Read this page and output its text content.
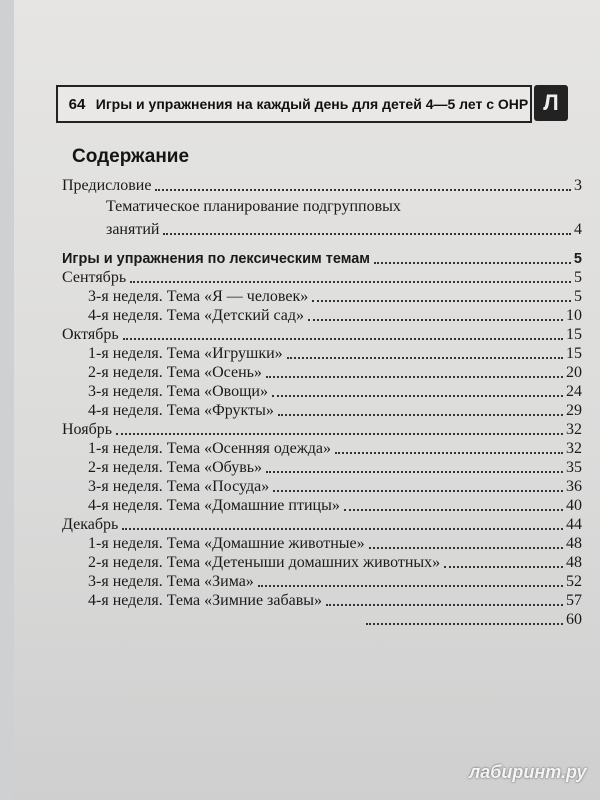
64 Игры и упражнения на каждый день для детей 4—5 лет с ОНР Л
Содержание
Предисловие	3
Тематическое планирование подгрупповых
занятий	4
Игры и упражнения по лексическим темам	5
Сентябрь	5
3-я неделя. Тема «Я — человек»	5
4-я неделя. Тема «Детский сад»	10
Октябрь	15
1-я неделя. Тема «Игрушки»	15
2-я неделя. Тема «Осень»	20
3-я неделя. Тема «Овощи»	24
4-я неделя. Тема «Фрукты»	29
Ноябрь	32
1-я неделя. Тема «Осенняя одежда»	32
2-я неделя. Тема «Обувь»	35
3-я неделя. Тема «Посуда»	36
4-я неделя. Тема «Домашние птицы»	40
Декабрь	44
1-я неделя. Тема «Домашние животные»	48
2-я неделя. Тема «Детеныши домашних животных»	48
3-я неделя. Тема «Зима»	52
4-я неделя. Тема «Зимние забавы»	57
60
лабиринт.ру
